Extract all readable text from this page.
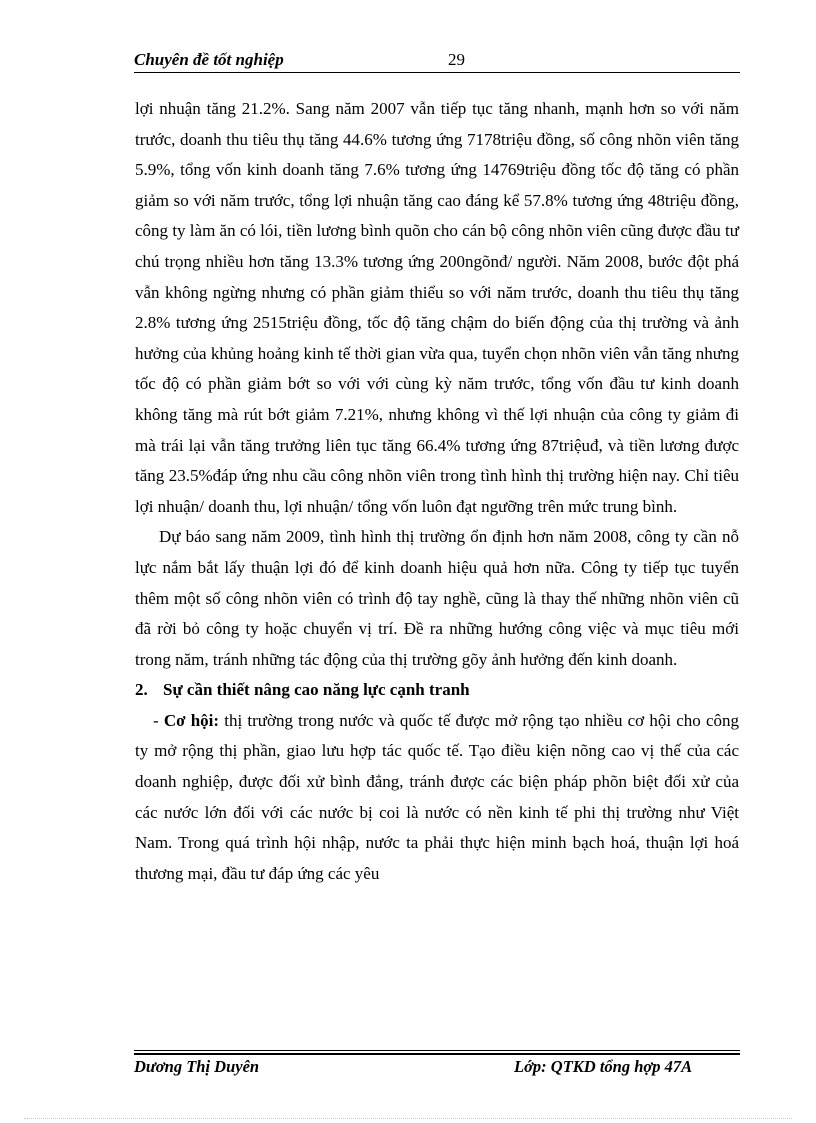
Chuyên đề tốt nghiệp	29

lợi nhuận tăng 21.2%. Sang năm 2007 vẫn tiếp tục tăng nhanh, mạnh hơn so với năm trước, doanh thu tiêu thụ tăng 44.6% tương ứng 7178triệu đồng, số công nhõn viên tăng 5.9%, tổng vốn kinh doanh tăng 7.6% tương ứng 14769triệu đồng tốc độ tăng có phần giảm so với năm trước, tổng lợi nhuận tăng cao đáng kể 57.8% tương ứng 48triệu đồng, công ty làm ăn có lói, tiền lương bình quõn cho cán bộ công nhõn viên cũng được đầu tư chú trọng nhiều hơn tăng 13.3% tương ứng 200ngõnđ/ người. Năm 2008, bước đột phá vẫn không ngừng nhưng có phần giảm thiểu so với năm trước, doanh thu tiêu thụ tăng 2.8% tương ứng 2515triệu đồng, tốc độ tăng chậm do biến động của thị trường và ảnh hưởng của khủng hoảng kinh tế thời gian vừa qua, tuyển chọn nhõn viên vẫn tăng nhưng tốc độ có phần giảm bớt so với với cùng kỳ năm trước, tổng vốn đầu tư kinh doanh không tăng mà rút bớt giảm 7.21%, nhưng không vì thế lợi nhuận của công ty giảm đi mà trái lại vẫn tăng trưởng liên tục tăng 66.4% tương ứng 87triệuđ, và tiền lương được tăng 23.5%đáp ứng nhu cầu công nhõn viên trong tình hình thị trường hiện nay. Chỉ tiêu lợi nhuận/ doanh thu, lợi nhuận/ tổng vốn luôn đạt ngưỡng trên mức trung bình.

Dự báo sang năm 2009, tình hình thị trường ổn định hơn năm 2008, công ty cần nỗ lực nắm bắt lấy thuận lợi đó để kinh doanh hiệu quả hơn nữa. Công ty tiếp tục tuyển thêm một số công nhõn viên có trình độ tay nghề, cũng là thay thế những nhõn viên cũ đã rời bỏ công ty hoặc chuyển vị trí. Đề ra những hướng công việc và mục tiêu mới trong năm, tránh những tác động của thị trường gõy ảnh hưởng đến kinh doanh.

2. Sự cần thiết nâng cao năng lực cạnh tranh

- Cơ hội: thị trường trong nước và quốc tế được mở rộng tạo nhiều cơ hội cho công ty mở rộng thị phần, giao lưu hợp tác quốc tế. Tạo điều kiện nõng cao vị thế của các doanh nghiệp, được đối xử bình đẳng, tránh được các biện pháp phõn biệt đối xử của các nước lớn đối với các nước bị coi là nước có nền kinh tế phi thị trường như Việt Nam. Trong quá trình hội nhập, nước ta phải thực hiện minh bạch hoá, thuận lợi hoá thương mại, đầu tư đáp ứng các yêu

Dương Thị Duyên	Lớp: QTKD tổng hợp 47A
